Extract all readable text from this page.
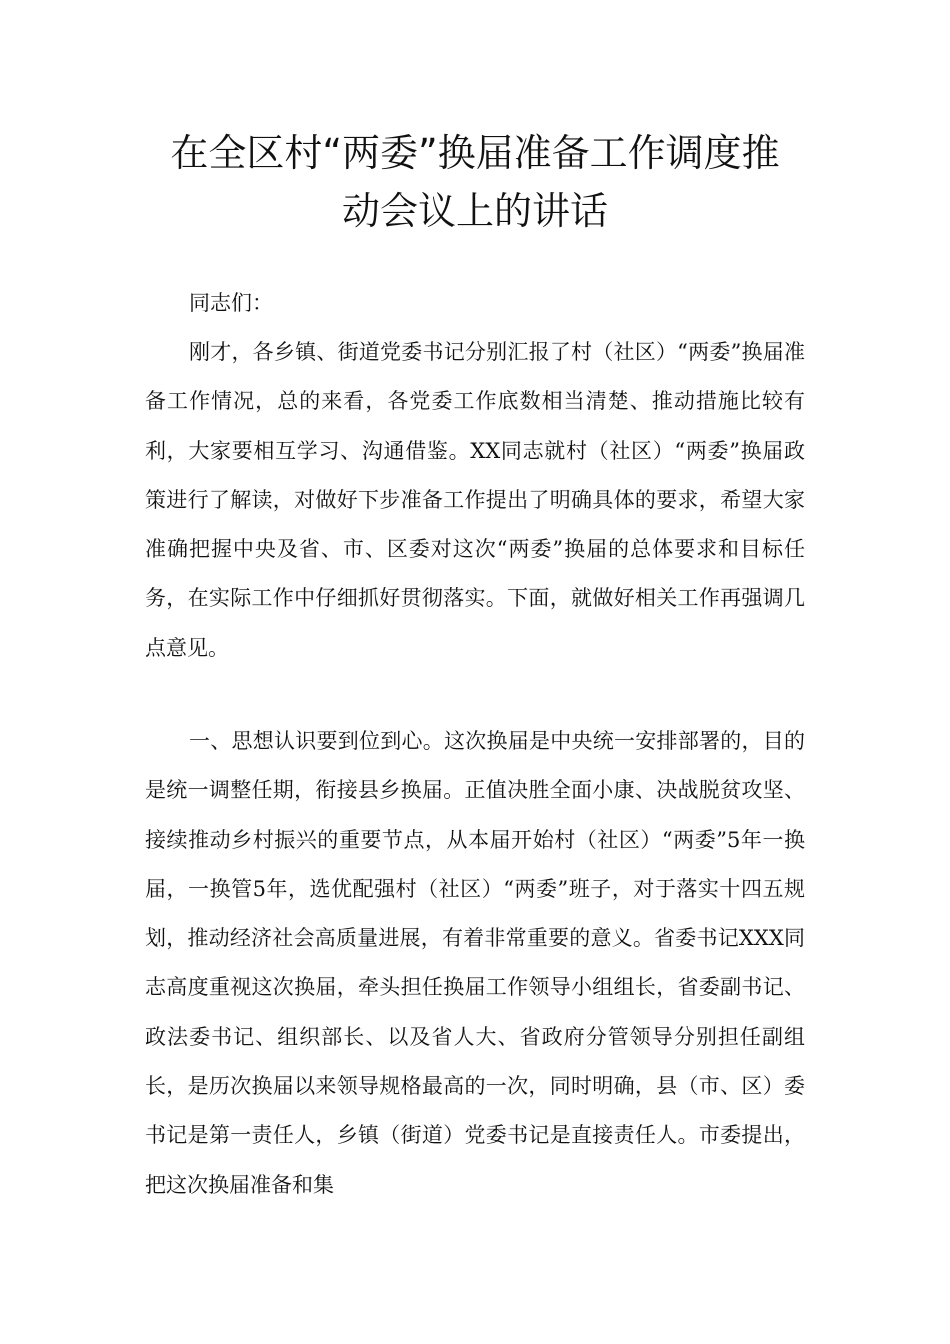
在全区村“两委”换届准备工作调度推
动会议上的讲话

同志们：

刚才，各乡镇、街道党委书记分别汇报了村（社区）“两委”换届准备工作情况，总的来看，各党委工作底数相当清楚、推动措施比较有利，大家要相互学习、沟通借鉴。XX同志就村（社区）“两委”换届政策进行了解读，对做好下步准备工作提出了明确具体的要求，希望大家准确把握中央及省、市、区委对这次“两委”换届的总体要求和目标任务，在实际工作中仔细抓好贯彻落实。下面，就做好相关工作再强调几点意见。

一、思想认识要到位到心。这次换届是中央统一安排部署的，目的是统一调整任期，衔接县乡换届。正值决胜全面小康、决战脱贫攻坚、接续推动乡村振兴的重要节点，从本届开始村（社区）“两委”5年一换届，一换管5年，选优配强村（社区）“两委”班子，对于落实十四五规划，推动经济社会高质量进展，有着非常重要的意义。省委书记XXX同志高度重视这次换届，牵头担任换届工作领导小组组长，省委副书记、政法委书记、组织部长、以及省人大、省政府分管领导分别担任副组长，是历次换届以来领导规格最高的一次，同时明确，县（市、区）委书记是第一责任人，乡镇（街道）党委书记是直接责任人。市委提出，把这次换届准备和集
